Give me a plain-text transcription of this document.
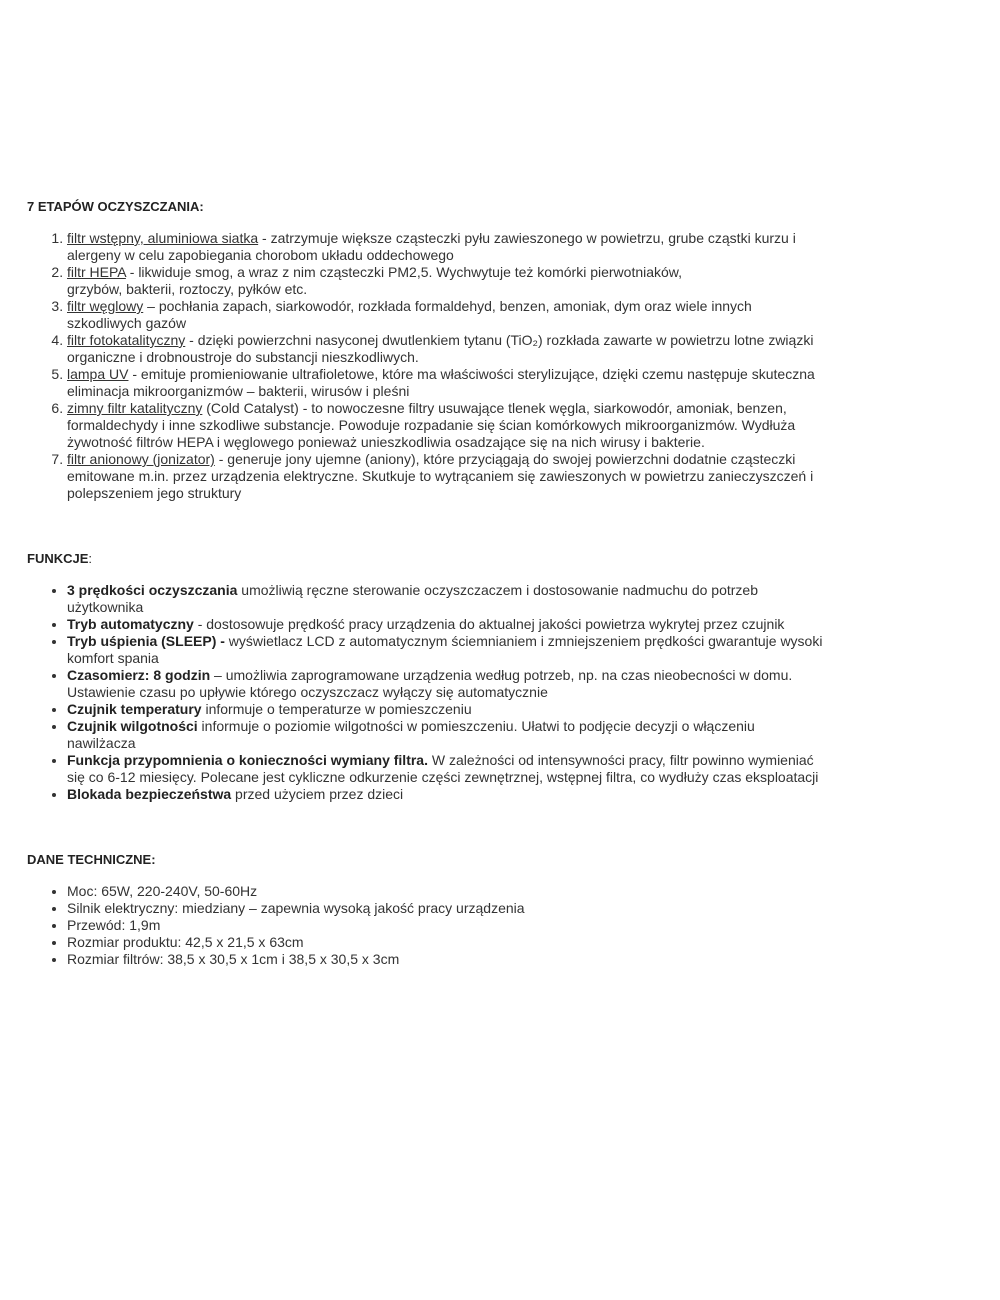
7 ETAPÓW OCZYSZCZANIA:

1. filtr wstępny, aluminiowa siatka - zatrzymuje większe cząsteczki pyłu zawieszonego w powietrzu, grube cząstki kurzu i alergeny w celu zapobiegania chorobom układu oddechowego
2. filtr HEPA - likwiduje smog, a wraz z nim cząsteczki PM2,5. Wychwytuje też komórki pierwotniaków,
grzybów, bakterii, roztoczy, pyłków etc.
3. filtr węglowy – pochłania zapach, siarkowodór, rozkłada formaldehyd, benzen, amoniak, dym oraz wiele innych szkodliwych gazów
4. filtr fotokatalityczny - dzięki powierzchni nasyconej dwutlenkiem tytanu (TiO₂) rozkłada zawarte w powietrzu lotne związki organiczne i drobnoustroje do substancji nieszkodliwych.
5. lampa UV - emituje promieniowanie ultrafioletowe, które ma właściwości sterylizujące, dzięki czemu następuje skuteczna eliminacja mikroorganizmów – bakterii, wirusów i pleśni
6. zimny filtr katalityczny (Cold Catalyst) - to nowoczesne filtry usuwające tlenek węgla, siarkowodór, amoniak, benzen, formaldechydy i inne szkodliwe substancje. Powoduje rozpadanie się ścian komórkowych mikroorganizmów. Wydłuża żywotność filtrów HEPA i węglowego ponieważ unieszkodliwia osadzające się na nich wirusy i bakterie.
7. filtr anionowy (jonizator) - generuje jony ujemne (aniony), które przyciągają do swojej powierzchni dodatnie cząsteczki emitowane m.in. przez urządzenia elektryczne. Skutkuje to wytrącaniem się zawieszonych w powietrzu zanieczyszczeń i polepszeniem jego struktury

FUNKCJE:

• 3 prędkości oczyszczania umożliwią ręczne sterowanie oczyszczaczem i dostosowanie nadmuchu do potrzeb użytkownika
• Tryb automatyczny - dostosowuje prędkość pracy urządzenia do aktualnej jakości powietrza wykrytej przez czujnik
• Tryb uśpienia (SLEEP) - wyświetlacz LCD z automatycznym ściemnianiem i zmniejszeniem prędkości gwarantuje wysoki komfort spania
• Czasomierz: 8 godzin – umożliwia zaprogramowane urządzenia według potrzeb, np. na czas nieobecności w domu. Ustawienie czasu po upływie którego oczyszczacz wyłączy się automatycznie
• Czujnik temperatury informuje o temperaturze w pomieszczeniu
• Czujnik wilgotności informuje o poziomie wilgotności w pomieszczeniu. Ułatwi to podjęcie decyzji o włączeniu nawilżacza
• Funkcja przypomnienia o konieczności wymiany filtra. W zależności od intensywności pracy, filtr powinno wymieniać się co 6-12 miesięcy. Polecane jest cykliczne odkurzenie części zewnętrznej, wstępnej filtra, co wydłuży czas eksploatacji
• Blokada bezpieczeństwa przed użyciem przez dzieci

DANE TECHNICZNE:

• Moc: 65W, 220-240V, 50-60Hz
• Silnik elektryczny: miedziany – zapewnia wysoką jakość pracy urządzenia
• Przewód: 1,9m
• Rozmiar produktu: 42,5 x 21,5 x 63cm
• Rozmiar filtrów: 38,5 x 30,5 x 1cm i 38,5 x 30,5 x 3cm
